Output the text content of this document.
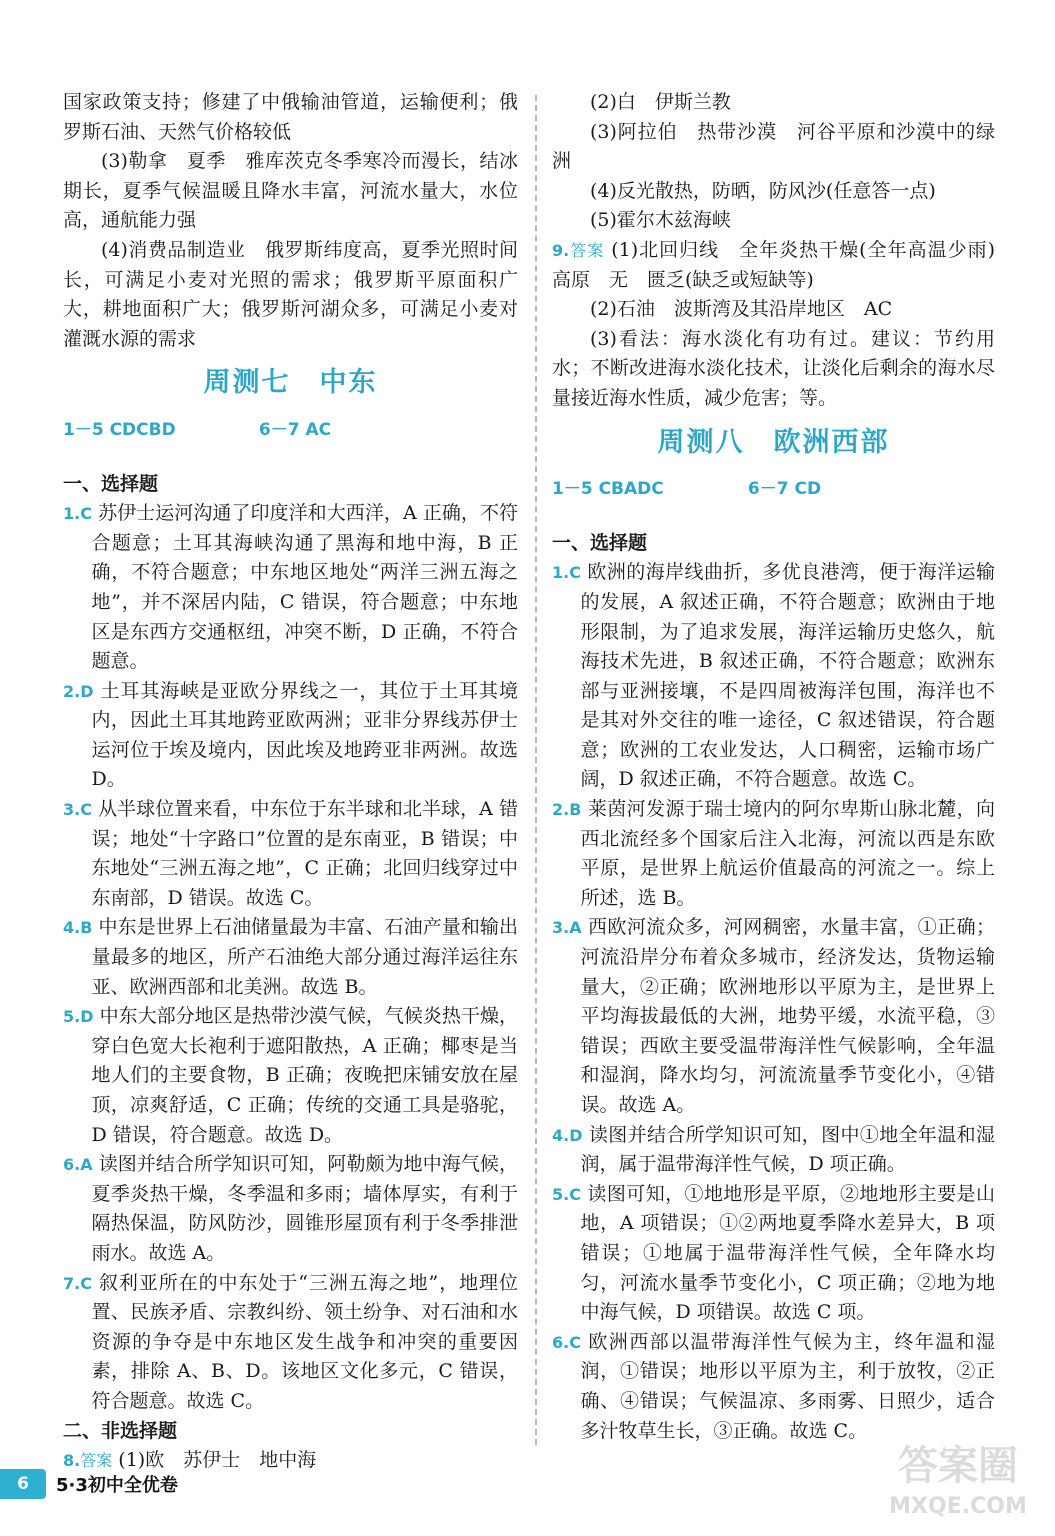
国家政策支持；修建了中俄输油管道，运输便利；俄罗斯石油、天然气价格较低

(3)勒拿　夏季　雅库茨克冬季寒冷而漫长，结冰期长，夏季气候温暖且降水丰富，河流水量大，水位高，通航能力强

(4)消费品制造业　俄罗斯纬度高，夏季光照时间长，可满足小麦对光照的需求；俄罗斯平原面积广大，耕地面积广大；俄罗斯河湖众多，可满足小麦对灌溉水源的需求

周测七　中东
1－5 CDCBD	6－7 AC
一、选择题

1.C 苏伊士运河沟通了印度洋和大西洋，A 正确，不符合题意；土耳其海峡沟通了黑海和地中海，B 正确，不符合题意；中东地区地处“两洋三洲五海之地”，并不深居内陆，C 错误，符合题意；中东地区是东西方交通枢纽，冲突不断，D 正确，不符合题意。

2.D 土耳其海峡是亚欧分界线之一，其位于土耳其境内，因此土耳其地跨亚欧两洲；亚非分界线苏伊士运河位于埃及境内，因此埃及地跨亚非两洲。故选 D。

3.C 从半球位置来看，中东位于东半球和北半球，A 错误；地处“十字路口”位置的是东南亚，B 错误；中东地处“三洲五海之地”，C 正确；北回归线穿过中东南部，D 错误。故选 C。

4.B 中东是世界上石油储量最为丰富、石油产量和输出量最多的地区，所产石油绝大部分通过海洋运往东亚、欧洲西部和北美洲。故选 B。

5.D 中东大部分地区是热带沙漠气候，气候炎热干燥，穿白色宽大长袍利于遮阳散热，A 正确；椰枣是当地人们的主要食物，B 正确；夜晚把床铺安放在屋顶，凉爽舒适，C 正确；传统的交通工具是骆驼，D 错误，符合题意。故选 D。

6.A 读图并结合所学知识可知，阿勒颇为地中海气候，夏季炎热干燥，冬季温和多雨；墙体厚实，有利于隔热保温，防风防沙，圆锥形屋顶有利于冬季排泄雨水。故选 A。

7.C 叙利亚所在的中东处于“三洲五海之地”，地理位置、民族矛盾、宗教纠纷、领土纷争、对石油和水资源的争夺是中东地区发生战争和冲突的重要因素，排除 A、B、D。该地区文化多元，C 错误，符合题意。故选 C。

二、非选择题

8.答案 (1)欧　苏伊士　地中海

(2)白　伊斯兰教

(3)阿拉伯　热带沙漠　河谷平原和沙漠中的绿洲

(4)反光散热，防晒，防风沙(任意答一点)

(5)霍尔木兹海峡

9.答案 (1)北回归线　全年炎热干燥(全年高温少雨)　高原　无　匮乏(缺乏或短缺等)

(2)石油　波斯湾及其沿岸地区　AC

(3)看法：海水淡化有功有过。建议：节约用水；不断改进海水淡化技术，让淡化后剩余的海水尽量接近海水性质，减少危害；等。

周测八　欧洲西部
1－5 CBADC	6－7 CD
一、选择题

1.C 欧洲的海岸线曲折，多优良港湾，便于海洋运输的发展，A 叙述正确，不符合题意；欧洲由于地形限制，为了追求发展，海洋运输历史悠久，航海技术先进，B 叙述正确，不符合题意；欧洲东部与亚洲接壤，不是四周被海洋包围，海洋也不是其对外交往的唯一途径，C 叙述错误，符合题意；欧洲的工农业发达，人口稠密，运输市场广阔，D 叙述正确，不符合题意。故选 C。

2.B 莱茵河发源于瑞士境内的阿尔卑斯山脉北麓，向西北流经多个国家后注入北海，河流以西是东欧平原，是世界上航运价值最高的河流之一。综上所述，选 B。

3.A 西欧河流众多，河网稠密，水量丰富，①正确；河流沿岸分布着众多城市，经济发达，货物运输量大，②正确；欧洲地形以平原为主，是世界上平均海拔最低的大洲，地势平缓，水流平稳，③错误；西欧主要受温带海洋性气候影响，全年温和湿润，降水均匀，河流流量季节变化小，④错误。故选 A。

4.D 读图并结合所学知识可知，图中①地全年温和湿润，属于温带海洋性气候，D 项正确。

5.C 读图可知，①地地形是平原，②地地形主要是山地，A 项错误；①②两地夏季降水差异大，B 项错误；①地属于温带海洋性气候，全年降水均匀，河流水量季节变化小，C 项正确；②地为地中海气候，D 项错误。故选 C 项。

6.C 欧洲西部以温带海洋性气候为主，终年温和湿润，①错误；地形以平原为主，利于放牧，②正确、④错误；气候温凉、多雨雾、日照少，适合多汁牧草生长，③正确。故选 C。

6	5·3初中全优卷	答案圈
MXQE.COM
